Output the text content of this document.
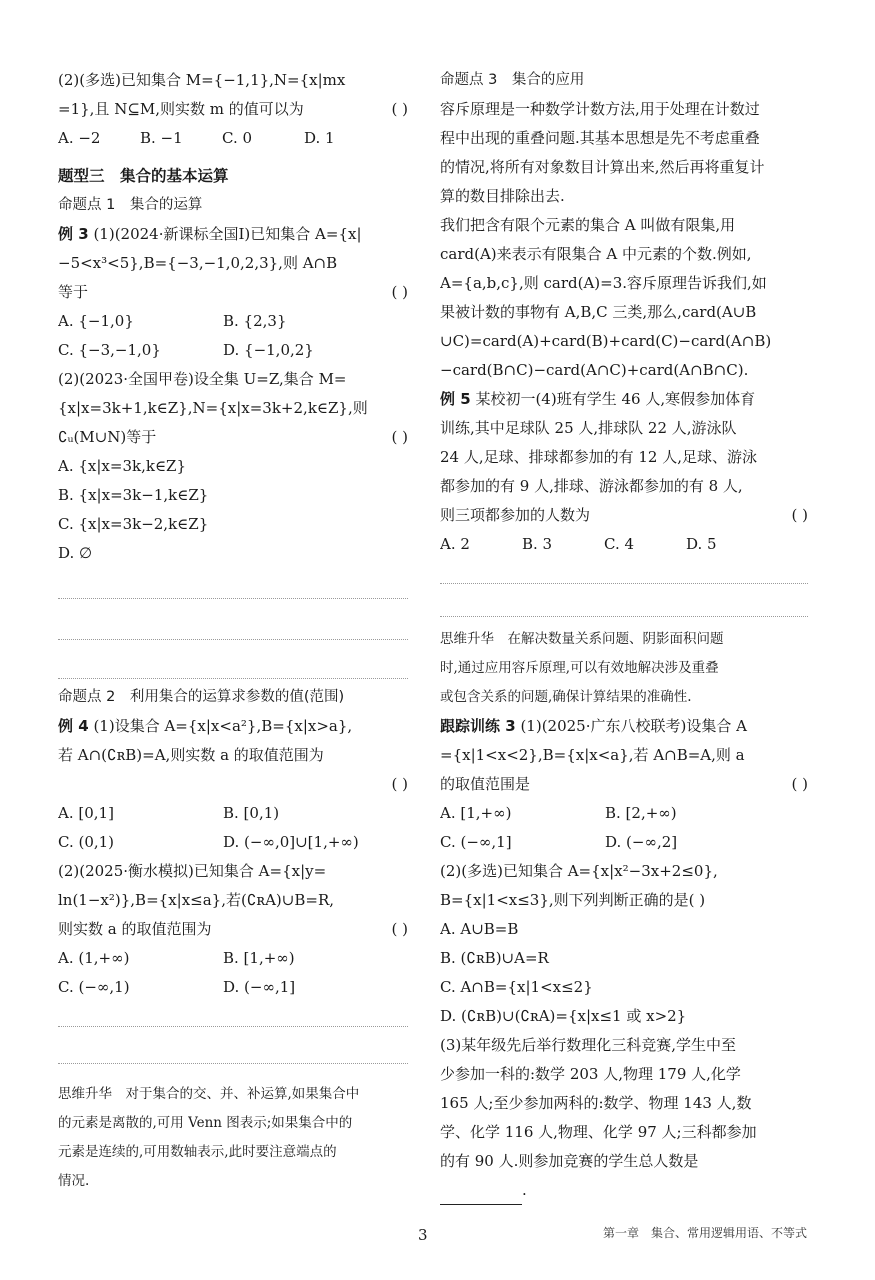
(2)(多选)已知集合 M={−1,1},N={x|mx
=1},且 N⊆M,则实数 m 的值可以为	( )
A. −2	B. −1	C. 0	D. 1
题型三　集合的基本运算
命题点 1　集合的运算
例 3 (1)(2024·新课标全国Ⅰ)已知集合 A={x|
−5<x³<5},B={−3,−1,0,2,3},则 A∩B
等于	( )
A. {−1,0}	B. {2,3}
C. {−3,−1,0}	D. {−1,0,2}
(2)(2023·全国甲卷)设全集 U=Z,集合 M=
{x|x=3k+1,k∈Z},N={x|x=3k+2,k∈Z},则
∁ᵤ(M∪N)等于	( )
A. {x|x=3k,k∈Z}
B. {x|x=3k−1,k∈Z}
C. {x|x=3k−2,k∈Z}
D. ∅
命题点 2　利用集合的运算求参数的值(范围)
例 4 (1)设集合 A={x|x<a²},B={x|x>a},
若 A∩(∁ʀB)=A,则实数 a 的取值范围为
( )
A. [0,1]	B. [0,1)
C. (0,1)	D. (−∞,0]∪[1,+∞)
(2)(2025·衡水模拟)已知集合 A={x|y=
ln(1−x²)},B={x|x≤a},若(∁ʀA)∪B=R,
则实数 a 的取值范围为	( )
A. (1,+∞)	B. [1,+∞)
C. (−∞,1)	D. (−∞,1]
思维升华　对于集合的交、并、补运算,如果集合中
的元素是离散的,可用 Venn 图表示;如果集合中的
元素是连续的,可用数轴表示,此时要注意端点的
情况.
命题点 3　集合的应用
容斥原理是一种数学计数方法,用于处理在计数过
程中出现的重叠问题.其基本思想是先不考虑重叠
的情况,将所有对象数目计算出来,然后再将重复计
算的数目排除出去.
我们把含有限个元素的集合 A 叫做有限集,用
card(A)来表示有限集合 A 中元素的个数.例如,
A={a,b,c},则 card(A)=3.容斥原理告诉我们,如
果被计数的事物有 A,B,C 三类,那么,card(A∪B
∪C)=card(A)+card(B)+card(C)−card(A∩B)
−card(B∩C)−card(A∩C)+card(A∩B∩C).
例 5 某校初一(4)班有学生 46 人,寒假参加体育
训练,其中足球队 25 人,排球队 22 人,游泳队
24 人,足球、排球都参加的有 12 人,足球、游泳
都参加的有 9 人,排球、游泳都参加的有 8 人,
则三项都参加的人数为	( )
A. 2	B. 3	C. 4	D. 5
思维升华　在解决数量关系问题、阴影面积问题
时,通过应用容斥原理,可以有效地解决涉及重叠
或包含关系的问题,确保计算结果的准确性.
跟踪训练 3 (1)(2025·广东八校联考)设集合 A
={x|1<x<2},B={x|x<a},若 A∩B=A,则 a
的取值范围是	( )
A. [1,+∞)	B. [2,+∞)
C. (−∞,1]	D. (−∞,2]
(2)(多选)已知集合 A={x|x²−3x+2≤0},
B={x|1<x≤3},则下列判断正确的是( )
A. A∪B=B
B. (∁ʀB)∪A=R
C. A∩B={x|1<x≤2}
D. (∁ʀB)∪(∁ʀA)={x|x≤1 或 x>2}
(3)某年级先后举行数理化三科竞赛,学生中至
少参加一科的:数学 203 人,物理 179 人,化学
165 人;至少参加两科的:数学、物理 143 人,数
学、化学 116 人,物理、化学 97 人;三科都参加
的有 90 人.则参加竞赛的学生总人数是
.
3	第一章　集合、常用逻辑用语、不等式
